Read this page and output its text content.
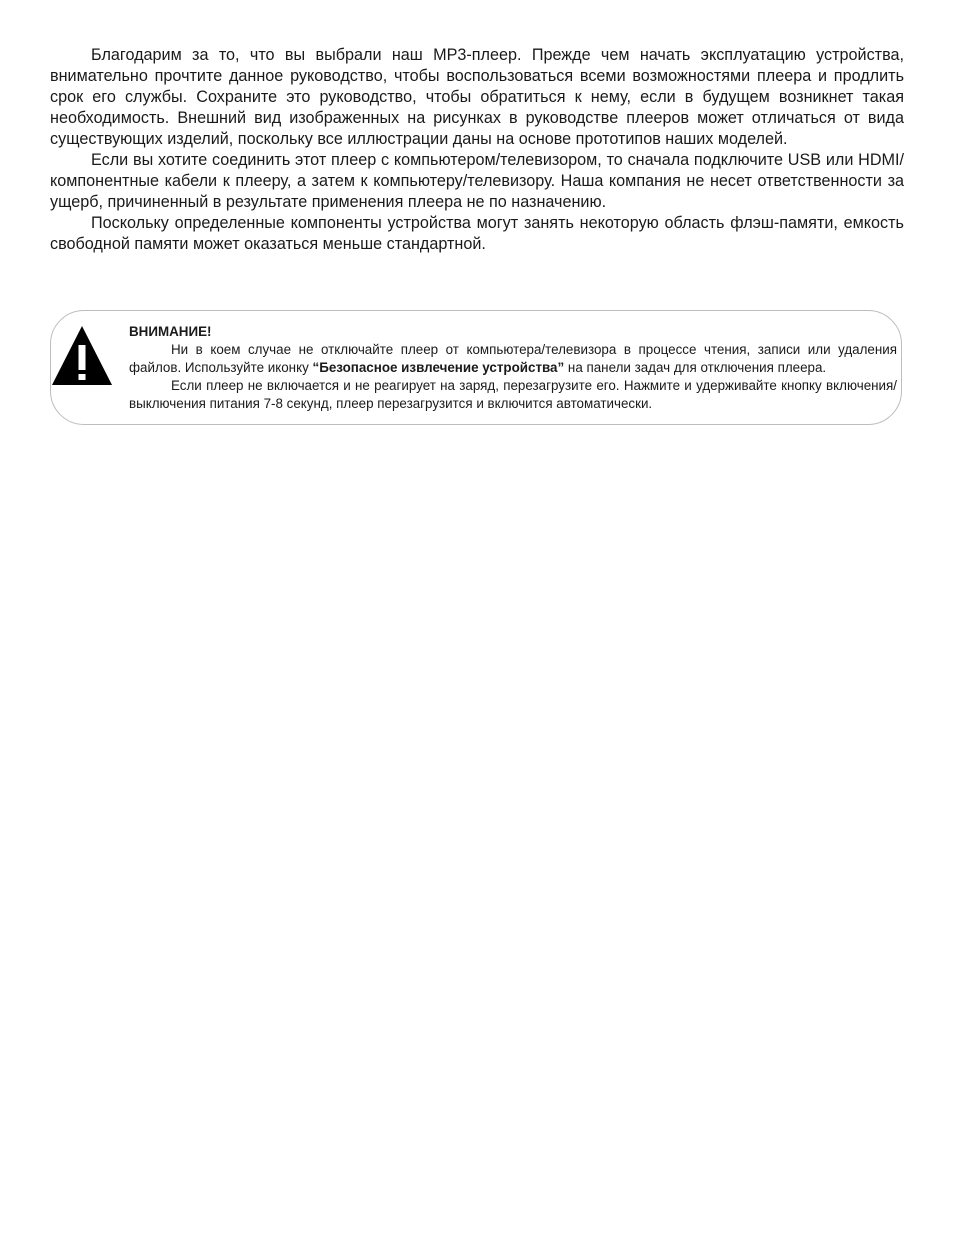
Благодарим за то, что вы выбрали наш MP3-плеер. Прежде чем начать эксплуатацию устройства, внимательно прочтите данное руководство, чтобы воспользоваться всеми возможностями плеера и продлить срок его службы. Сохраните это руководство, чтобы обратиться к нему, если в будущем возникнет такая необходимость. Внешний вид изображенных на рисунках в руководстве плееров может отличаться от вида существующих изделий, поскольку все иллюстрации даны на основе прототипов наших моделей.

Если вы хотите соединить этот плеер с компьютером/телевизором, то сначала подключите USB или HDMI/компонентные кабели к плееру, а затем к компьютеру/телевизору. Наша компания не несет ответственности за ущерб, причиненный в результате применения плеера не по назначению.

Поскольку определенные компоненты устройства могут занять некоторую область флэш-памяти, емкость свободной памяти может оказаться меньше стандартной.

ВНИМАНИЕ!

Ни в коем случае не отключайте плеер от компьютера/телевизора в процессе чтения, записи или удаления файлов. Используйте иконку “Безопасное извлечение устройства” на панели задач для отключения плеера.

Если плеер не включается и не реагирует на заряд, перезагрузите его. Нажмите и удерживайте кнопку включения/выключения питания 7-8 секунд, плеер перезагрузится и включится автоматически.
